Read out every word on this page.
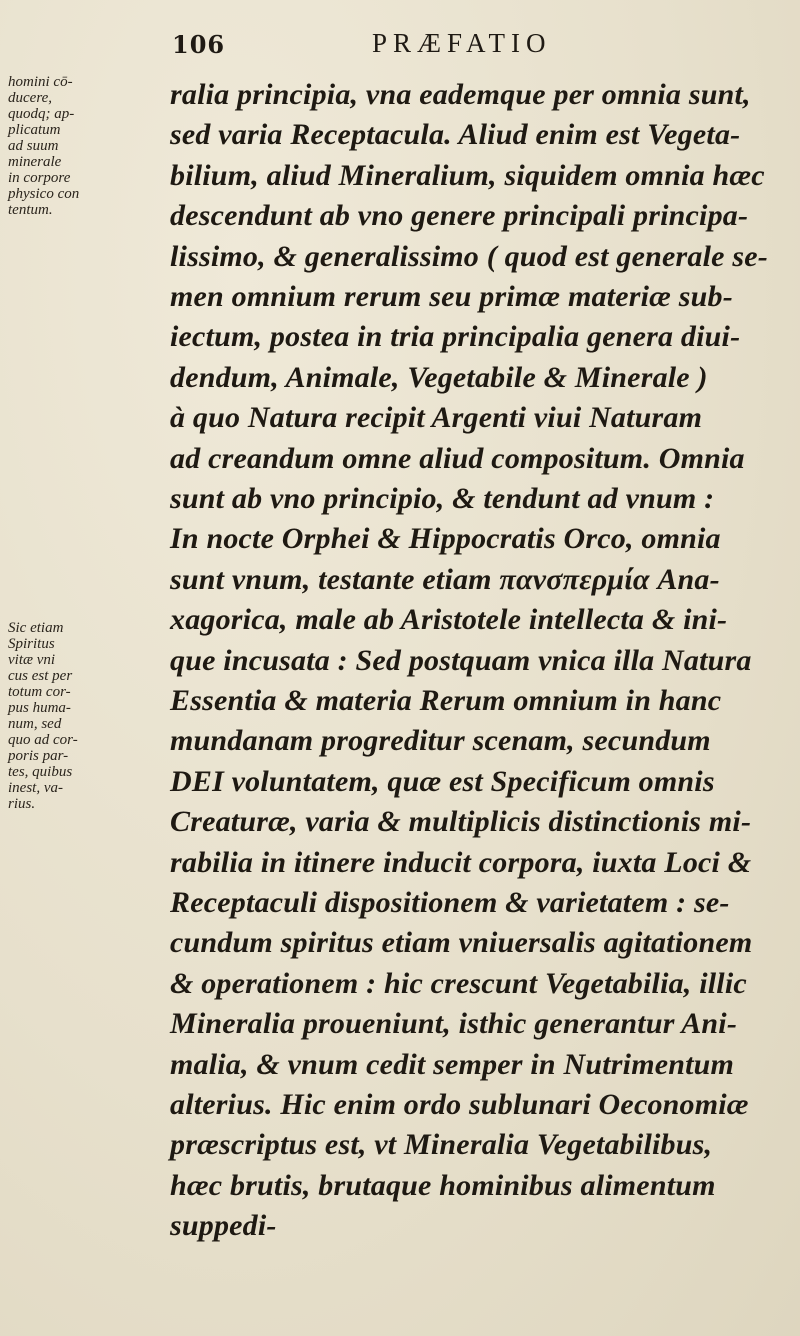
106	PRÆFATIO
homini cō-
ducere,
quodq; ap-
plicatum
ad suum
minerale
in corpore
physico con
tentum.
Sic etiam
Spiritus
vitæ vni
cus est per
totum cor-
pus huma-
num, sed
quo ad cor-
poris par-
tes, quibus
inest, va-
rius.
ralia principia, vna eademque per omnia sunt,
sed varia Receptacula. Aliud enim est Vegeta-
bilium, aliud Mineralium, siquidem omnia hæc
descendunt ab vno genere principali principa-
lissimo, & generalissimo ( quod est generale se-
men omnium rerum seu primæ materiæ sub-
iectum, postea in tria principalia genera diui-
dendum, Animale, Vegetabile & Minerale )
à quo Natura recipit Argenti viui Naturam
ad creandum omne aliud compositum. Omnia
sunt ab vno principio, & tendunt ad vnum :
In nocte Orphei & Hippocratis Orco, omnia
sunt vnum, testante etiam πανσπερμία Ana-
xagorica, male ab Aristotele intellecta & ini-
que incusata : Sed postquam vnica illa Natura
Essentia & materia Rerum omnium in hanc
mundanam progreditur scenam, secundum
DEI voluntatem, quæ est Specificum omnis
Creaturæ, varia & multiplicis distinctionis mi-
rabilia in itinere inducit corpora, iuxta Loci &
Receptaculi dispositionem & varietatem : se-
cundum spiritus etiam vniuersalis agitationem
& operationem : hic crescunt Vegetabilia, illic
Mineralia proueniunt, isthic generantur Ani-
malia, & vnum cedit semper in Nutrimentum
alterius. Hic enim ordo sublunari Oeconomiæ
præscriptus est, vt Mineralia Vegetabilibus,
hæc brutis, brutaque hominibus alimentum
suppedi-
